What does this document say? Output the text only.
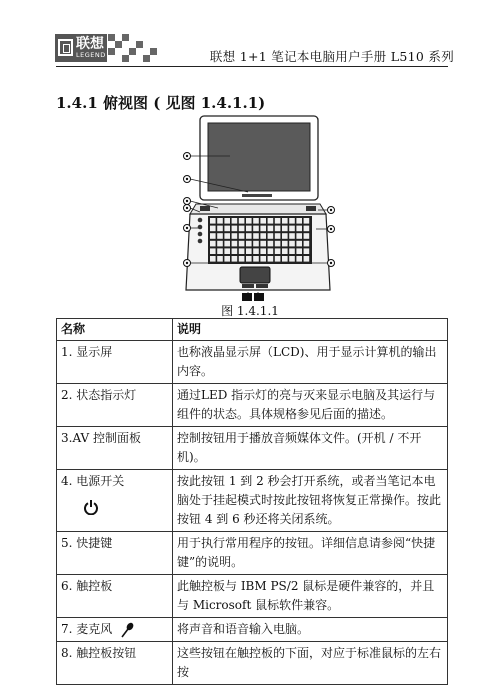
联想
LEGEND	联想 1+1 笔记本电脑用户手册 L510 系列
1.4.1 俯视图 ( 见图 1.4.1.1)
图 1.4.1.1
名称	说明
1. 显示屏	也称液晶显示屏（LCD)、用于显示计算机的输出内容。
2. 状态指示灯	通过LED 指示灯的亮与灭来显示电脑及其运行与组件的状态。具体规格参见后面的描述。
3.AV 控制面板	控制按钮用于播放音频媒体文件。(开机 / 不开机)。
4. 电源开关	按此按钮 1 到 2 秒会打开系统，或者当笔记本电脑处于挂起模式时按此按钮将恢复正常操作。按此按钮 4 到 6 秒还将关闭系统。
5. 快捷键	用于执行常用程序的按钮。详细信息请参阅“快捷键”的说明。
6. 触控板	此触控板与 IBM PS/2 鼠标是硬件兼容的，并且与 Microsoft 鼠标软件兼容。
7. 麦克风	将声音和语音输入电脑。
8. 触控板按钮	这些按钮在触控板的下面，对应于标准鼠标的左右按
